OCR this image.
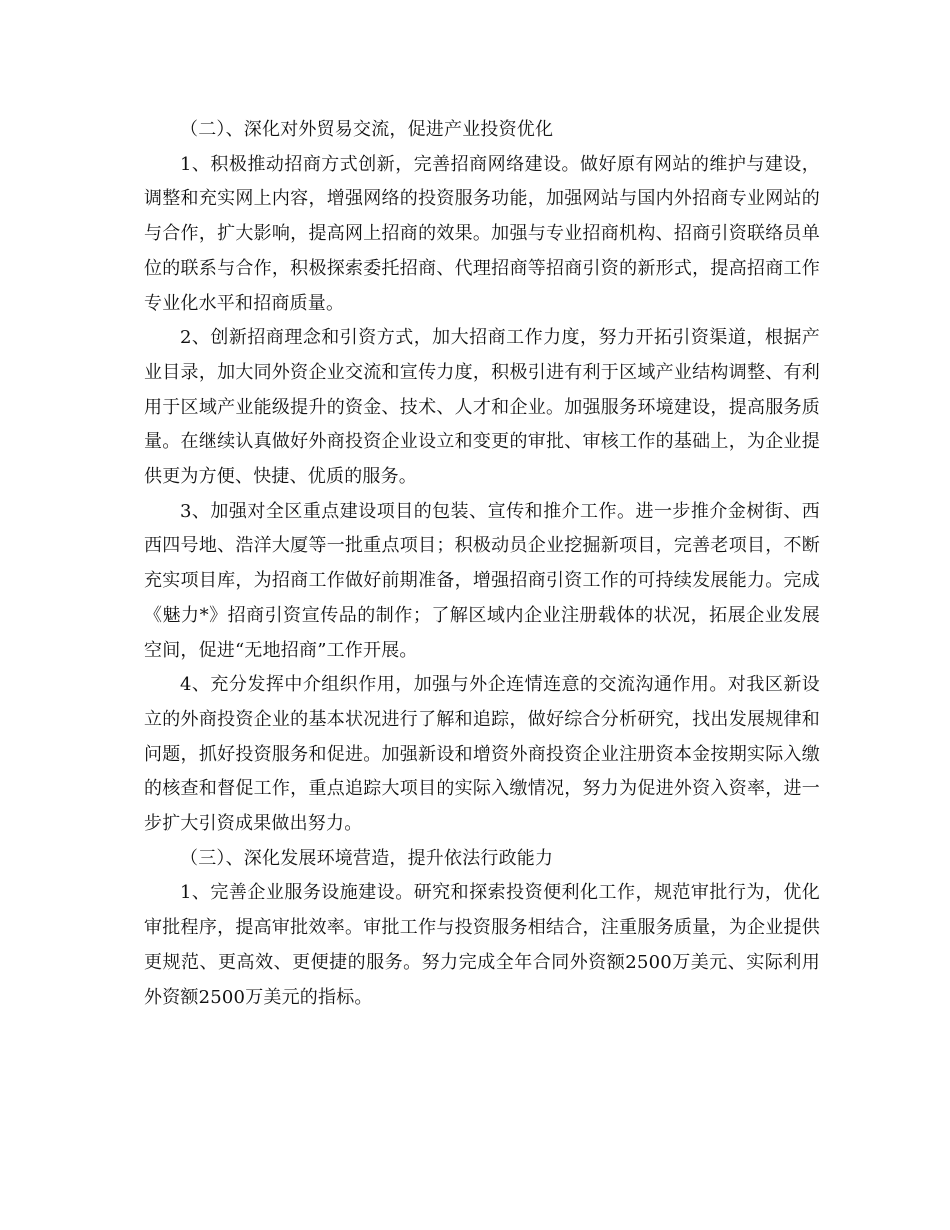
（二）、深化对外贸易交流，促进产业投资优化

1、积极推动招商方式创新，完善招商网络建设。做好原有网站的维护与建设，调整和充实网上内容，增强网络的投资服务功能，加强网站与国内外招商专业网站的与合作，扩大影响，提高网上招商的效果。加强与专业招商机构、招商引资联络员单位的联系与合作，积极探索委托招商、代理招商等招商引资的新形式，提高招商工作专业化水平和招商质量。

2、创新招商理念和引资方式，加大招商工作力度，努力开拓引资渠道，根据产业目录，加大同外资企业交流和宣传力度，积极引进有利于区域产业结构调整、有利用于区域产业能级提升的资金、技术、人才和企业。加强服务环境建设，提高服务质量。在继续认真做好外商投资企业设立和变更的审批、审核工作的基础上，为企业提供更为方便、快捷、优质的服务。

3、加强对全区重点建设项目的包装、宣传和推介工作。进一步推介金树街、西西四号地、浩洋大厦等一批重点项目；积极动员企业挖掘新项目，完善老项目，不断充实项目库，为招商工作做好前期准备，增强招商引资工作的可持续发展能力。完成《魅力*》招商引资宣传品的制作；了解区域内企业注册载体的状况，拓展企业发展空间，促进“无地招商”工作开展。

4、充分发挥中介组织作用，加强与外企连情连意的交流沟通作用。对我区新设立的外商投资企业的基本状况进行了解和追踪，做好综合分析研究，找出发展规律和问题，抓好投资服务和促进。加强新设和增资外商投资企业注册资本金按期实际入缴的核查和督促工作，重点追踪大项目的实际入缴情况，努力为促进外资入资率，进一步扩大引资成果做出努力。

（三）、深化发展环境营造，提升依法行政能力

1、完善企业服务设施建设。研究和探索投资便利化工作，规范审批行为，优化审批程序，提高审批效率。审批工作与投资服务相结合，注重服务质量，为企业提供更规范、更高效、更便捷的服务。努力完成全年合同外资额2500万美元、实际利用外资额2500万美元的指标。
